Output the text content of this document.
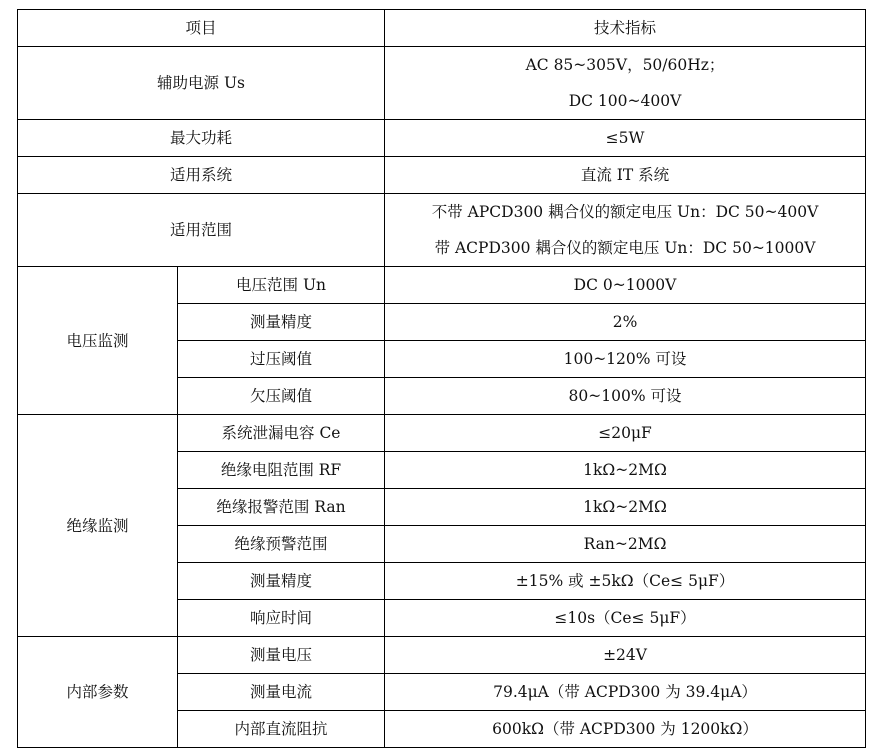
项目		技术指标
辅助电源 Us		AC 85~305V，50/60Hz；
DC 100~400V

最大功耗		≤5W
适用系统		直流 IT 系统
适用范围		不带 APCD300 耦合仪的额定电压 Un：DC 50~400V
带 ACPD300 耦合仪的额定电压 Un：DC 50~1000V

电压监测	电压范围 Un	DC 0~1000V
	测量精度	2%
	过压阈值	100~120% 可设
	欠压阈值	80~100% 可设
绝缘监测	系统泄漏电容 Ce	≤20μF
	绝缘电阻范围 RF	1kΩ~2MΩ
	绝缘报警范围 Ran	1kΩ~2MΩ
	绝缘预警范围	Ran~2MΩ
	测量精度	±15% 或 ±5kΩ（Ce≤ 5μF）
	响应时间	≤10s（Ce≤ 5μF）
内部参数	测量电压	±24V
	测量电流	79.4μA（带 ACPD300 为 39.4μA）
	内部直流阻抗	600kΩ（带 ACPD300 为 1200kΩ）
